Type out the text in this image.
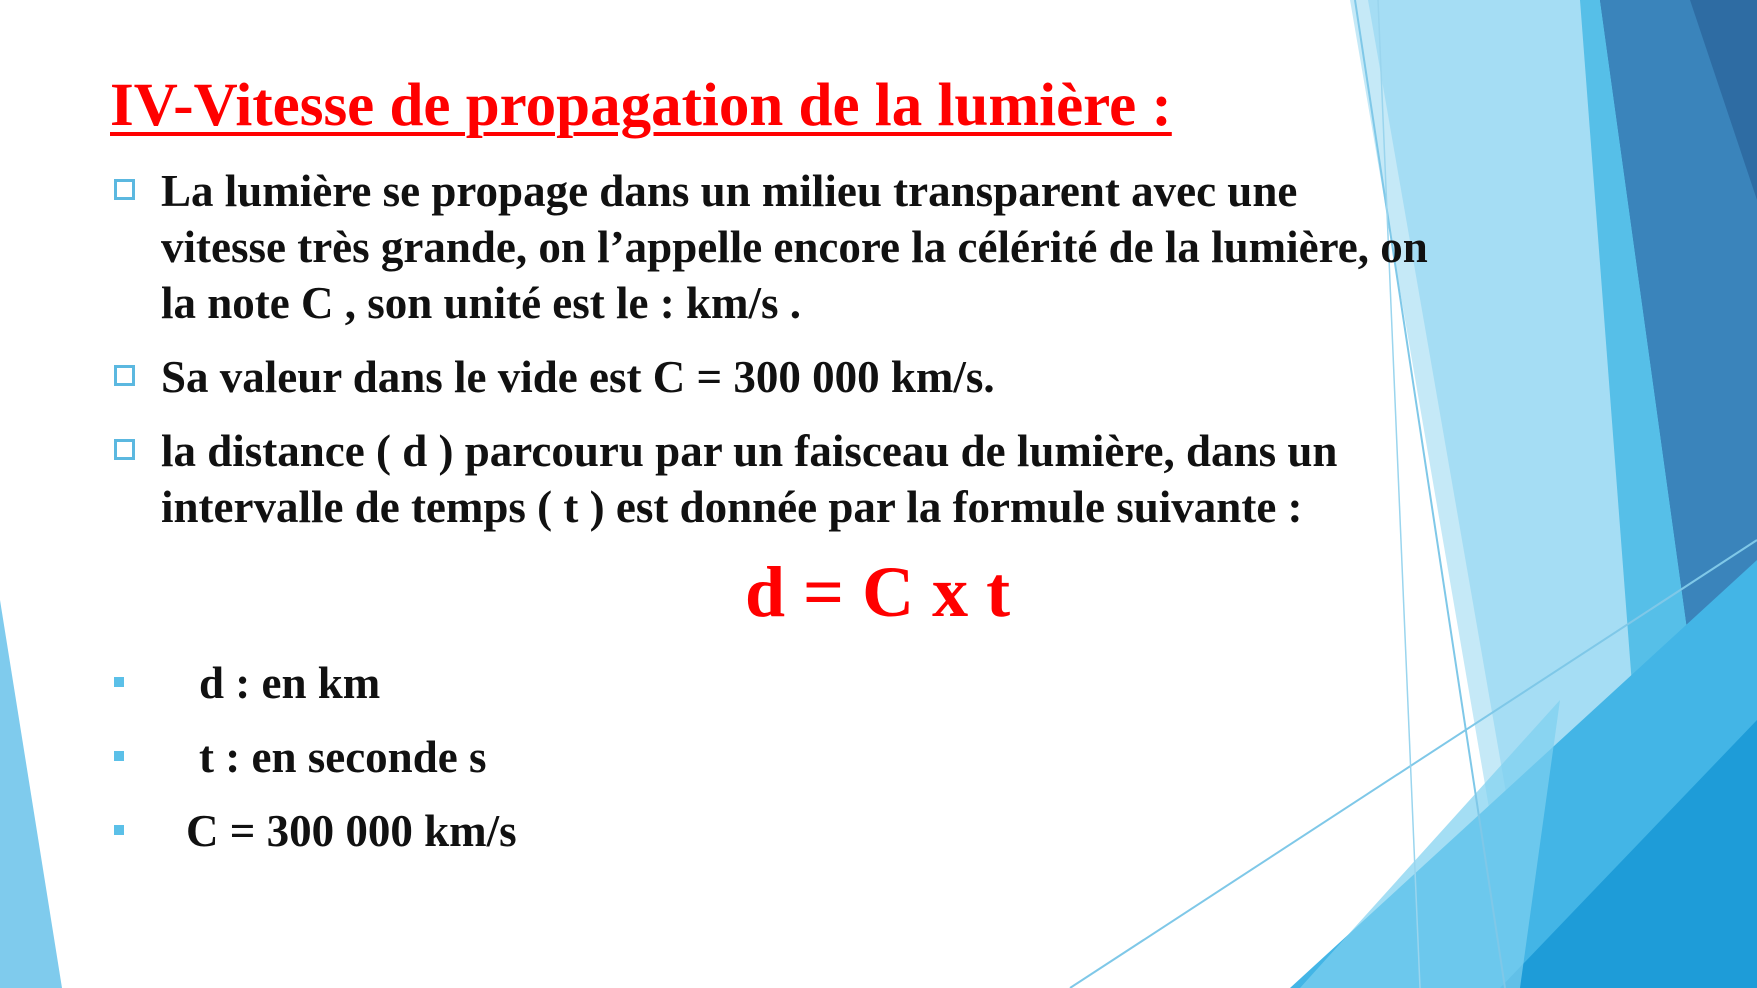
IV-Vitesse de propagation de la lumière :
La lumière se propage dans un milieu transparent avec une
vitesse très grande, on l’appelle encore la célérité de la lumière, on
la note C , son unité est le : km/s .
Sa valeur dans le vide est C = 300 000 km/s.
la distance ( d ) parcouru par un faisceau de lumière, dans un
intervalle de temps ( t ) est donnée par la formule suivante :
d = C x t
d : en km
t : en seconde s
C = 300 000 km/s
